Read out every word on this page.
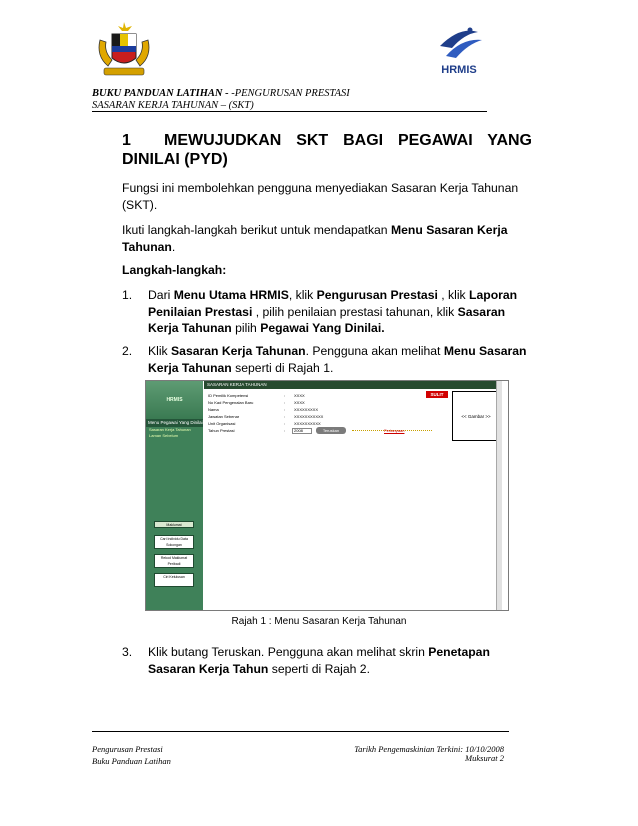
HRMIS
BUKU PANDUAN LATIHAN - -PENGURUSAN PRESTASI
SASARAN KERJA TAHUNAN – (SKT)
1	MEWUJUDKAN SKT BAGI PEGAWAI YANG
DINILAI (PYD)
Fungsi ini membolehkan pengguna menyediakan Sasaran Kerja Tahunan (SKT).
Ikuti langkah-langkah berikut untuk mendapatkan Menu Sasaran Kerja Tahunan.
Langkah-langkah:
1. Dari Menu Utama HRMIS, klik Pengurusan Prestasi , klik Laporan Penilaian Prestasi , pilih penilaian prestasi tahunan, klik Sasaran Kerja Tahunan pilih Pegawai Yang Dinilai.
2. Klik Sasaran Kerja Tahunan. Pengguna akan melihat Menu Sasaran Kerja Tahunan seperti di Rajah 1.
HRMIS
Menu Pegawai Yang Dinilai
Sasaran Kerja Tahunan
Laman Sebelum
Maklumat
Cari Individu Data Sokongan
Rekod Maklumat Peribadi
Ciri Kelulusan
SASARAN KERJA TAHUNAN
ID Pemilik Kompetensi	: XXXX
No Kad Pengenalan Baru	: XXXX
Nama	: XXXXXXXXX
Jawatan Sebenar	: XXXXXXXXXXX
Unit Organisasi	: XXXXXXXXXX
Tahun Prestasi	:	2008	Teruskan	Pertanyaan
SULIT
<< Gambar >>
Rajah 1 : Menu Sasaran Kerja Tahunan
3. Klik butang Teruskan. Pengguna akan melihat skrin Penetapan Sasaran Kerja Tahun seperti di Rajah 2.
Pengurusan Prestasi
Buku Panduan Latihan
Tarikh Pengemaskinian Terkini: 10/10/2008
Muksurat 2
